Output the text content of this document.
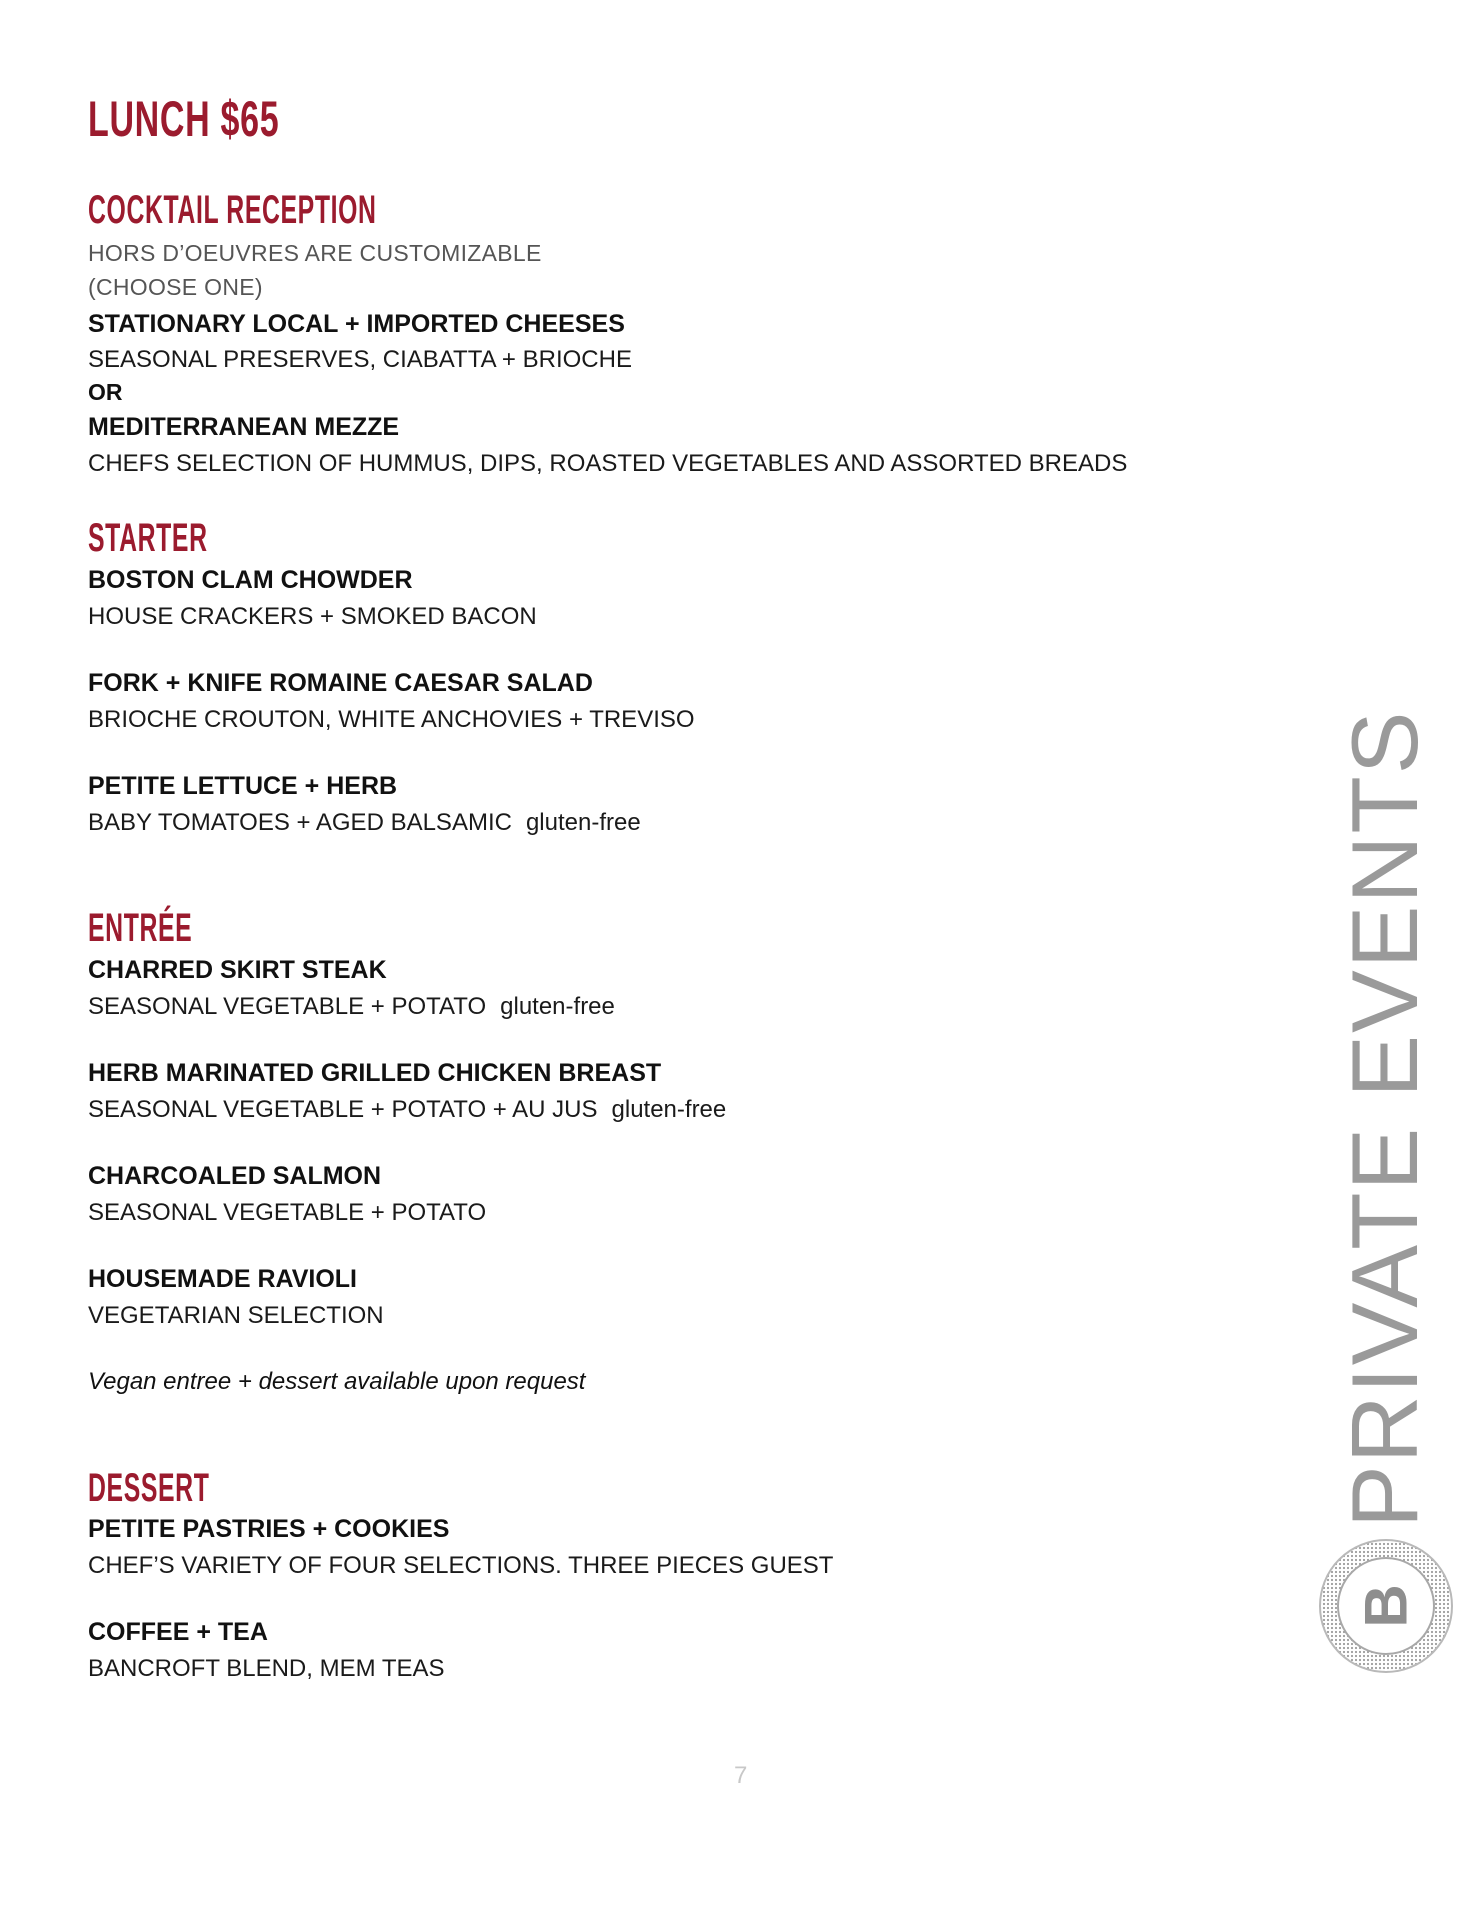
LUNCH $65
COCKTAIL RECEPTION
HORS D’OEUVRES ARE CUSTOMIZABLE
(CHOOSE ONE)
STATIONARY LOCAL + IMPORTED CHEESES
SEASONAL PRESERVES, CIABATTA + BRIOCHE
OR
MEDITERRANEAN MEZZE
CHEFS SELECTION OF HUMMUS, DIPS, ROASTED VEGETABLES AND ASSORTED BREADS
STARTER
BOSTON CLAM CHOWDER
HOUSE CRACKERS + SMOKED BACON
FORK + KNIFE ROMAINE CAESAR SALAD
BRIOCHE CROUTON, WHITE ANCHOVIES + TREVISO
PETITE LETTUCE + HERB
BABY TOMATOES + AGED BALSAMIC gluten-free
ENTRÉE
CHARRED SKIRT STEAK
SEASONAL VEGETABLE + POTATO gluten-free
HERB MARINATED GRILLED CHICKEN BREAST
SEASONAL VEGETABLE + POTATO + AU JUS gluten-free
CHARCOALED SALMON
SEASONAL VEGETABLE + POTATO
HOUSEMADE RAVIOLI
VEGETARIAN SELECTION
Vegan entree + dessert available upon request
DESSERT
PETITE PASTRIES + COOKIES
CHEF’S VARIETY OF FOUR SELECTIONS. THREE PIECES GUEST
COFFEE + TEA
BANCROFT BLEND, MEM TEAS
PRIVATE EVENTS
B
7
